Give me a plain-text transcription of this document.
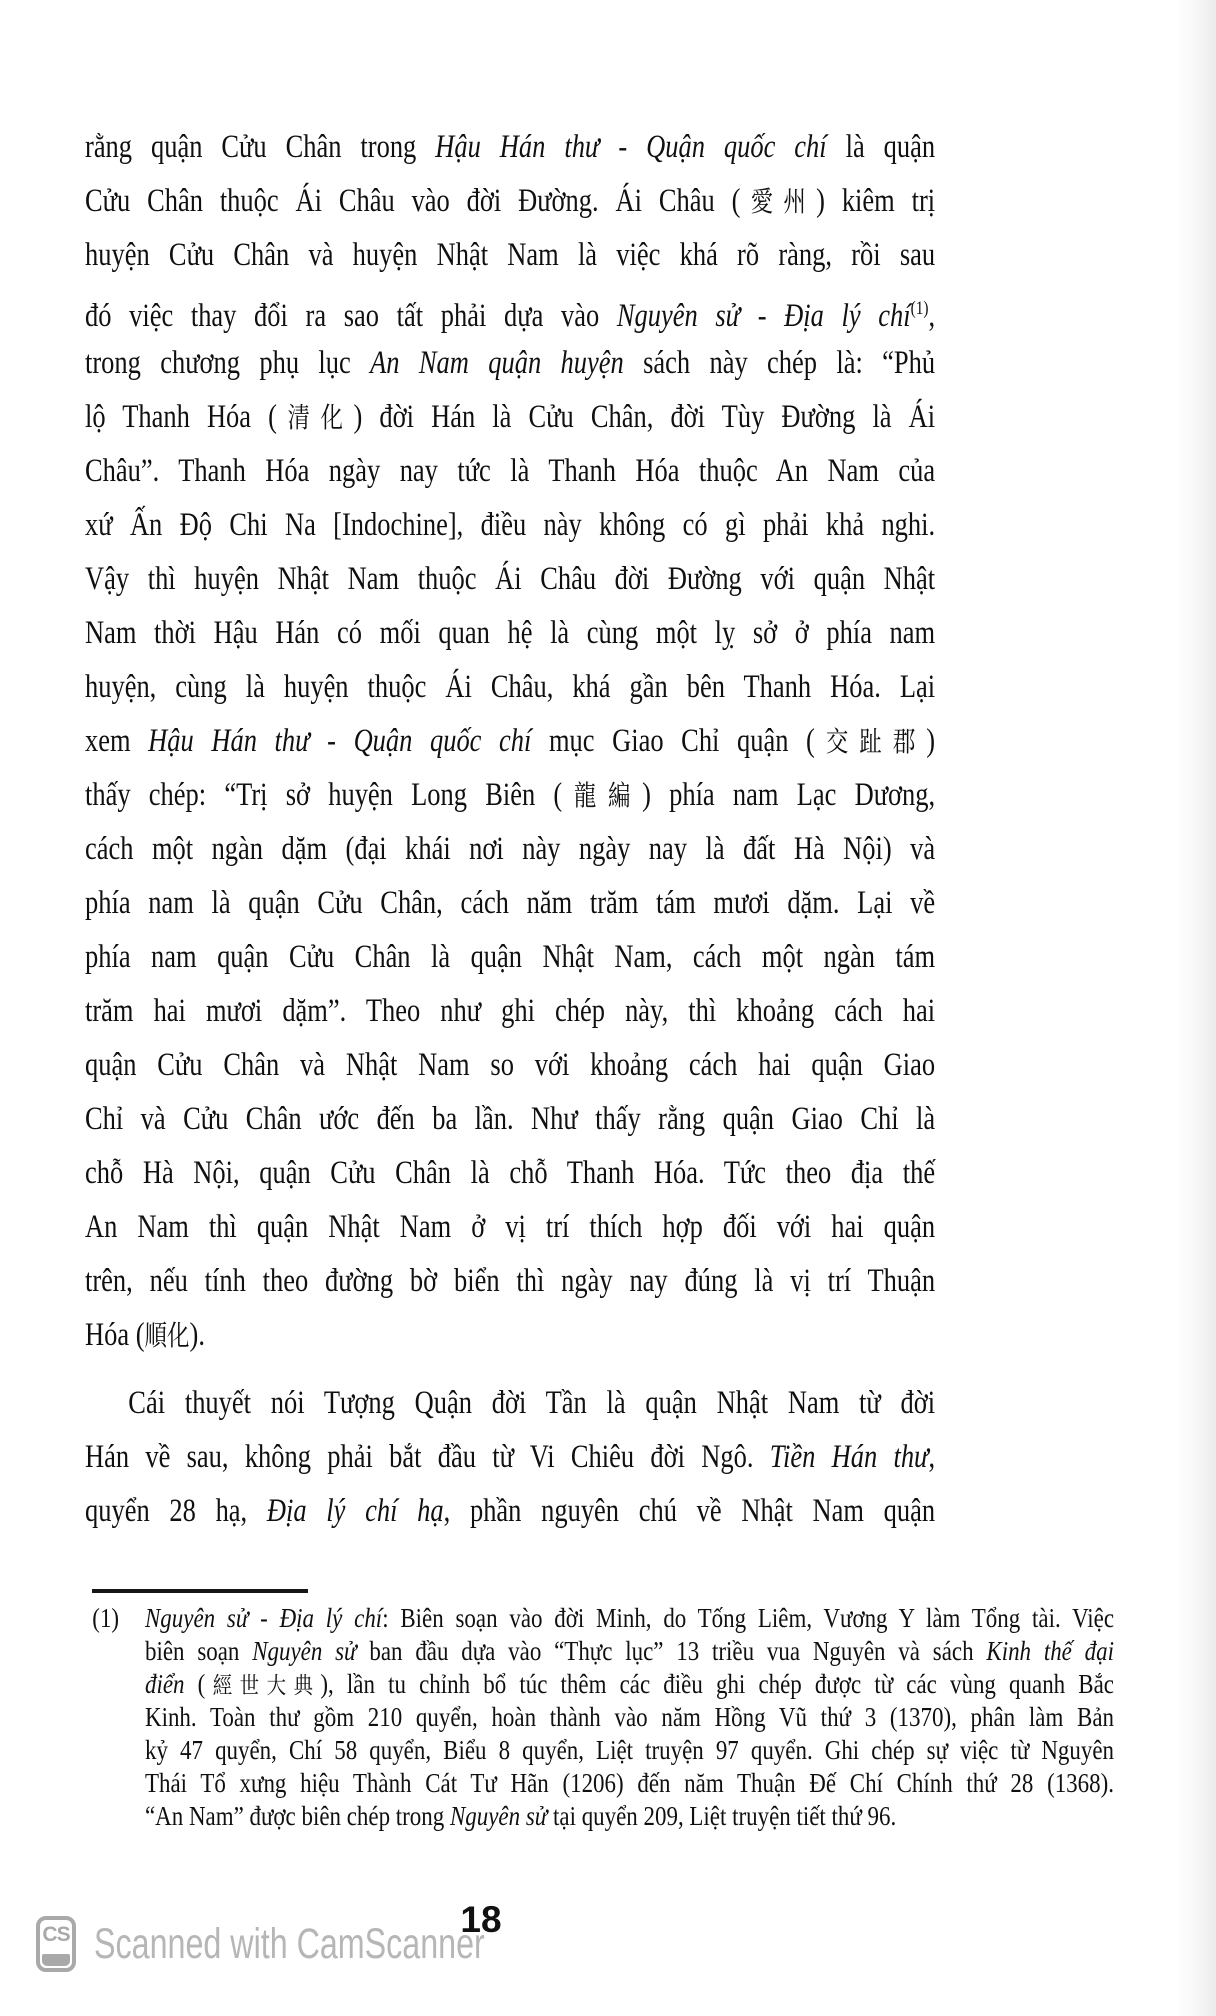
rằng quận Cửu Chân trong Hậu Hán thư - Quận quốc chí là quận
Cửu Chân thuộc Ái Châu vào đời Đường. Ái Châu (愛州) kiêm trị
huyện Cửu Chân và huyện Nhật Nam là việc khá rõ ràng, rồi sau
đó việc thay đổi ra sao tất phải dựa vào Nguyên sử - Địa lý chí$^{(1)}$,
trong chương phụ lục An Nam quận huyện sách này chép là: “Phủ
lộ Thanh Hóa (清化) đời Hán là Cửu Chân, đời Tùy Đường là Ái
Châu”. Thanh Hóa ngày nay tức là Thanh Hóa thuộc An Nam của
xứ Ấn Độ Chi Na [Indochine], điều này không có gì phải khả nghi.
Vậy thì huyện Nhật Nam thuộc Ái Châu đời Đường với quận Nhật
Nam thời Hậu Hán có mối quan hệ là cùng một lỵ sở ở phía nam
huyện, cùng là huyện thuộc Ái Châu, khá gần bên Thanh Hóa. Lại
xem Hậu Hán thư - Quận quốc chí mục Giao Chỉ quận (交趾郡)
thấy chép: “Trị sở huyện Long Biên (龍編) phía nam Lạc Dương,
cách một ngàn dặm (đại khái nơi này ngày nay là đất Hà Nội) và
phía nam là quận Cửu Chân, cách năm trăm tám mươi dặm. Lại về
phía nam quận Cửu Chân là quận Nhật Nam, cách một ngàn tám
trăm hai mươi dặm”. Theo như ghi chép này, thì khoảng cách hai
quận Cửu Chân và Nhật Nam so với khoảng cách hai quận Giao
Chỉ và Cửu Chân ước đến ba lần. Như thấy rằng quận Giao Chỉ là
chỗ Hà Nội, quận Cửu Chân là chỗ Thanh Hóa. Tức theo địa thế
An Nam thì quận Nhật Nam ở vị trí thích hợp đối với hai quận
trên, nếu tính theo đường bờ biển thì ngày nay đúng là vị trí Thuận
Hóa (順化).
Cái thuyết nói Tượng Quận đời Tần là quận Nhật Nam từ đời
Hán về sau, không phải bắt đầu từ Vi Chiêu đời Ngô. Tiền Hán thư,
quyển 28 hạ, Địa lý chí hạ, phần nguyên chú về Nhật Nam quận
Nguyên sử - Địa lý chí: Biên soạn vào đời Minh, do Tống Liêm, Vương Y làm Tổng tài. Việc
(1)
biên soạn Nguyên sử ban đầu dựa vào “Thực lục” 13 triều vua Nguyên và sách Kinh thế đại
điển (經世大典), lần tu chỉnh bổ túc thêm các điều ghi chép được từ các vùng quanh Bắc
Kinh. Toàn thư gồm 210 quyển, hoàn thành vào năm Hồng Vũ thứ 3 (1370), phân làm Bản
kỷ 47 quyển, Chí 58 quyển, Biểu 8 quyển, Liệt truyện 97 quyển. Ghi chép sự việc từ Nguyên
Thái Tổ xưng hiệu Thành Cát Tư Hãn (1206) đến năm Thuận Đế Chí Chính thứ 28 (1368).
“An Nam” được biên chép trong Nguyên sử tại quyển 209, Liệt truyện tiết thứ 96.
18
CS Scanned with CamScanner
